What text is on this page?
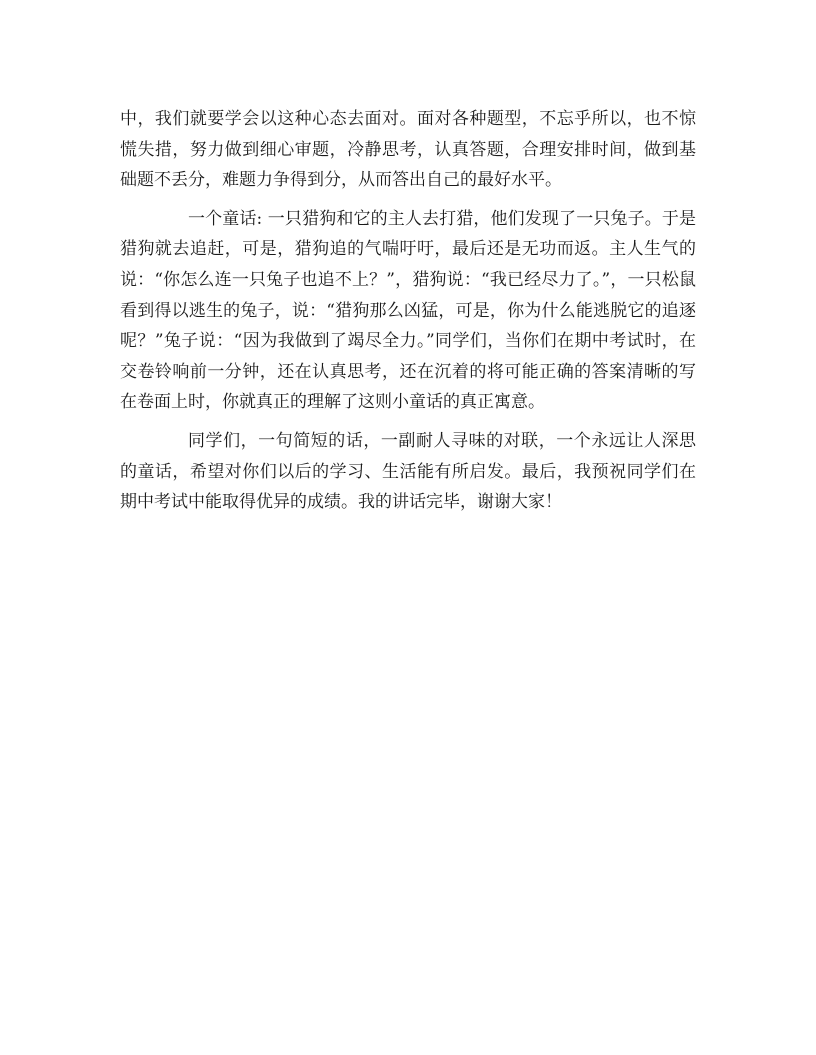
中，我们就要学会以这种心态去面对。面对各种题型，不忘乎所以，也不惊慌失措，努力做到细心审题，冷静思考，认真答题，合理安排时间，做到基础题不丢分，难题力争得到分，从而答出自己的最好水平。

一个童话: 一只猎狗和它的主人去打猎，他们发现了一只兔子。于是猎狗就去追赶，可是，猎狗追的气喘吁吁，最后还是无功而返。主人生气的说：“你怎么连一只兔子也追不上？”，猎狗说：“我已经尽力了。”，一只松鼠看到得以逃生的兔子，说：“猎狗那么凶猛，可是，你为什么能逃脱它的追逐呢？”兔子说：“因为我做到了竭尽全力。”同学们，当你们在期中考试时，在交卷铃响前一分钟，还在认真思考，还在沉着的将可能正确的答案清晰的写在卷面上时，你就真正的理解了这则小童话的真正寓意。

同学们，一句简短的话，一副耐人寻味的对联，一个永远让人深思的童话，希望对你们以后的学习、生活能有所启发。最后，我预祝同学们在期中考试中能取得优异的成绩。我的讲话完毕，谢谢大家！
